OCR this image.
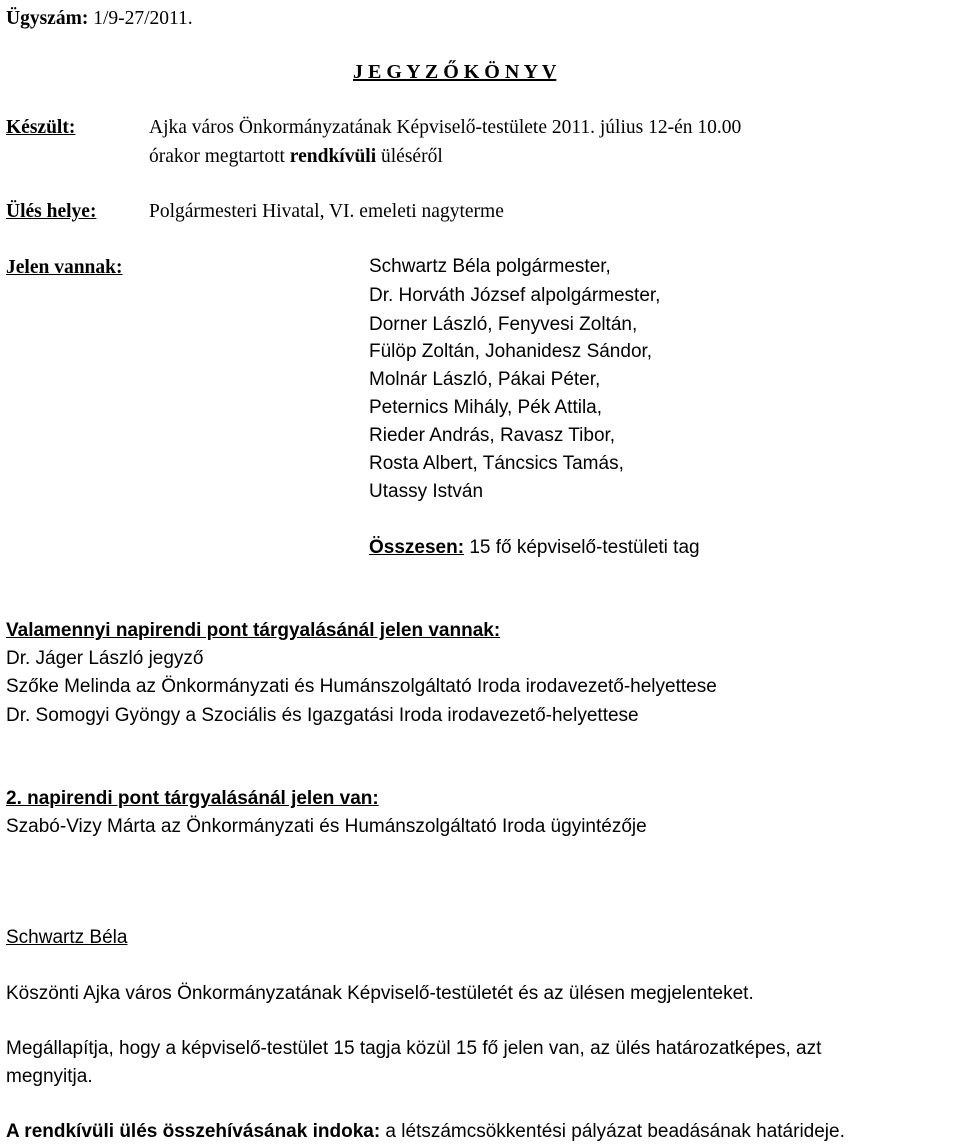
Ügyszám: 1/9-27/2011.
J E G Y Z Ő K Ö N Y V
Készült:	Ajka város Önkormányzatának Képviselő-testülete 2011. július 12-én 10.00
órakor megtartott rendkívüli üléséről
Ülés helye:	Polgármesteri Hivatal, VI. emeleti nagyterme
Jelen vannak:	Schwartz Béla polgármester,
Dr. Horváth József alpolgármester,
Dorner László, Fenyvesi Zoltán,
Fülöp Zoltán, Johanidesz Sándor,
Molnár László, Pákai Péter,
Peternics Mihály, Pék Attila,
Rieder András, Ravasz Tibor,
Rosta Albert, Táncsics Tamás,
Utassy István
Összesen: 15 fő képviselő-testületi tag
Valamennyi napirendi pont tárgyalásánál jelen vannak:
Dr. Jáger László jegyző
Szőke Melinda az Önkormányzati és Humánszolgáltató Iroda irodavezető-helyettese
Dr. Somogyi Gyöngy a Szociális és Igazgatási Iroda irodavezető-helyettese
2. napirendi pont tárgyalásánál jelen van:
Szabó-Vizy Márta az Önkormányzati és Humánszolgáltató Iroda ügyintézője
Schwartz Béla
Köszönti Ajka város Önkormányzatának Képviselő-testületét és az ülésen megjelenteket.
Megállapítja, hogy a képviselő-testület 15 tagja közül 15 fő jelen van, az ülés határozatképes, azt
megnyitja.
A rendkívüli ülés összehívásának indoka: a létszámcsökkentési pályázat beadásának határideje.
